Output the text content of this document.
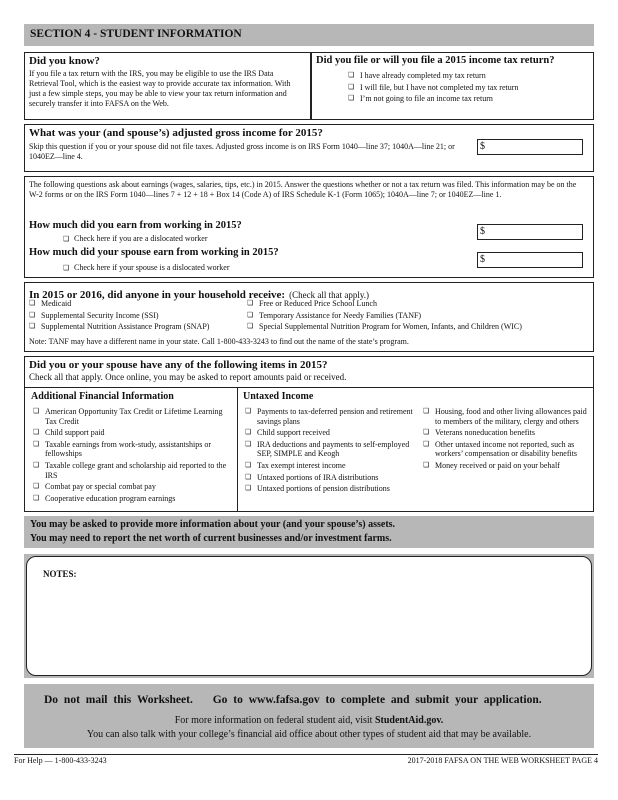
SECTION 4 - STUDENT INFORMATION
Did you know?
If you file a tax return with the IRS, you may be eligible to use the IRS Data Retrieval Tool, which is the easiest way to provide accurate tax information. With just a few simple steps, you may be able to view your tax return information and securely transfer it into FAFSA on the Web.
Did you file or will you file a 2015 income tax return?
❏ I have already completed my tax return
❏ I will file, but I have not completed my tax return
❏ I’m not going to file an income tax return
What was your (and spouse’s) adjusted gross income for 2015?
Skip this question if you or your spouse did not file taxes. Adjusted gross income is on IRS Form 1040—line 37; 1040A—line 21; or 1040EZ—line 4.
$
The following questions ask about earnings (wages, salaries, tips, etc.) in 2015. Answer the questions whether or not a tax return was filed. This information may be on the W-2 forms or on the IRS Form 1040—lines 7 + 12 + 18 + Box 14 (Code A) of IRS Schedule K-1 (Form 1065); 1040A—line 7; or 1040EZ—line 1.
How much did you earn from working in 2015?
❏ Check here if you are a dislocated worker
$
How much did your spouse earn from working in 2015?
❏ Check here if your spouse is a dislocated worker
$
In 2015 or 2016, did anyone in your household receive: (Check all that apply.)
❏ Medicaid
❏ Supplemental Security Income (SSI)
❏ Supplemental Nutrition Assistance Program (SNAP)
❏ Free or Reduced Price School Lunch
❏ Temporary Assistance for Needy Families (TANF)
❏ Special Supplemental Nutrition Program for Women, Infants, and Children (WIC)
Note: TANF may have a different name in your state. Call 1-800-433-3243 to find out the name of the state’s program.
Did you or your spouse have any of the following items in 2015?
Check all that apply. Once online, you may be asked to report amounts paid or received.
Additional Financial Information
❏ American Opportunity Tax Credit or Lifetime Learning Tax Credit
❏ Child support paid
❏ Taxable earnings from work-study, assistantships or fellowships
❏ Taxable college grant and scholarship aid reported to the IRS
❏ Combat pay or special combat pay
❏ Cooperative education program earnings
Untaxed Income
❏ Payments to tax-deferred pension and retirement savings plans
❏ Child support received
❏ IRA deductions and payments to self-employed SEP, SIMPLE and Keogh
❏ Tax exempt interest income
❏ Untaxed portions of IRA distributions
❏ Untaxed portions of pension distributions
❏ Housing, food and other living allowances paid to members of the military, clergy and others
❏ Veterans noneducation benefits
❏ Other untaxed income not reported, such as workers’ compensation or disability benefits
❏ Money received or paid on your behalf
You may be asked to provide more information about your (and your spouse’s) assets.
You may need to report the net worth of current businesses and/or investment farms.
NOTES:
Do not mail this Worksheet. Go to www.fafsa.gov to complete and submit your application.
For more information on federal student aid, visit StudentAid.gov.
You can also talk with your college’s financial aid office about other types of student aid that may be available.
For Help — 1-800-433-3243	2017-2018 FAFSA ON THE WEB WORKSHEET PAGE 4
